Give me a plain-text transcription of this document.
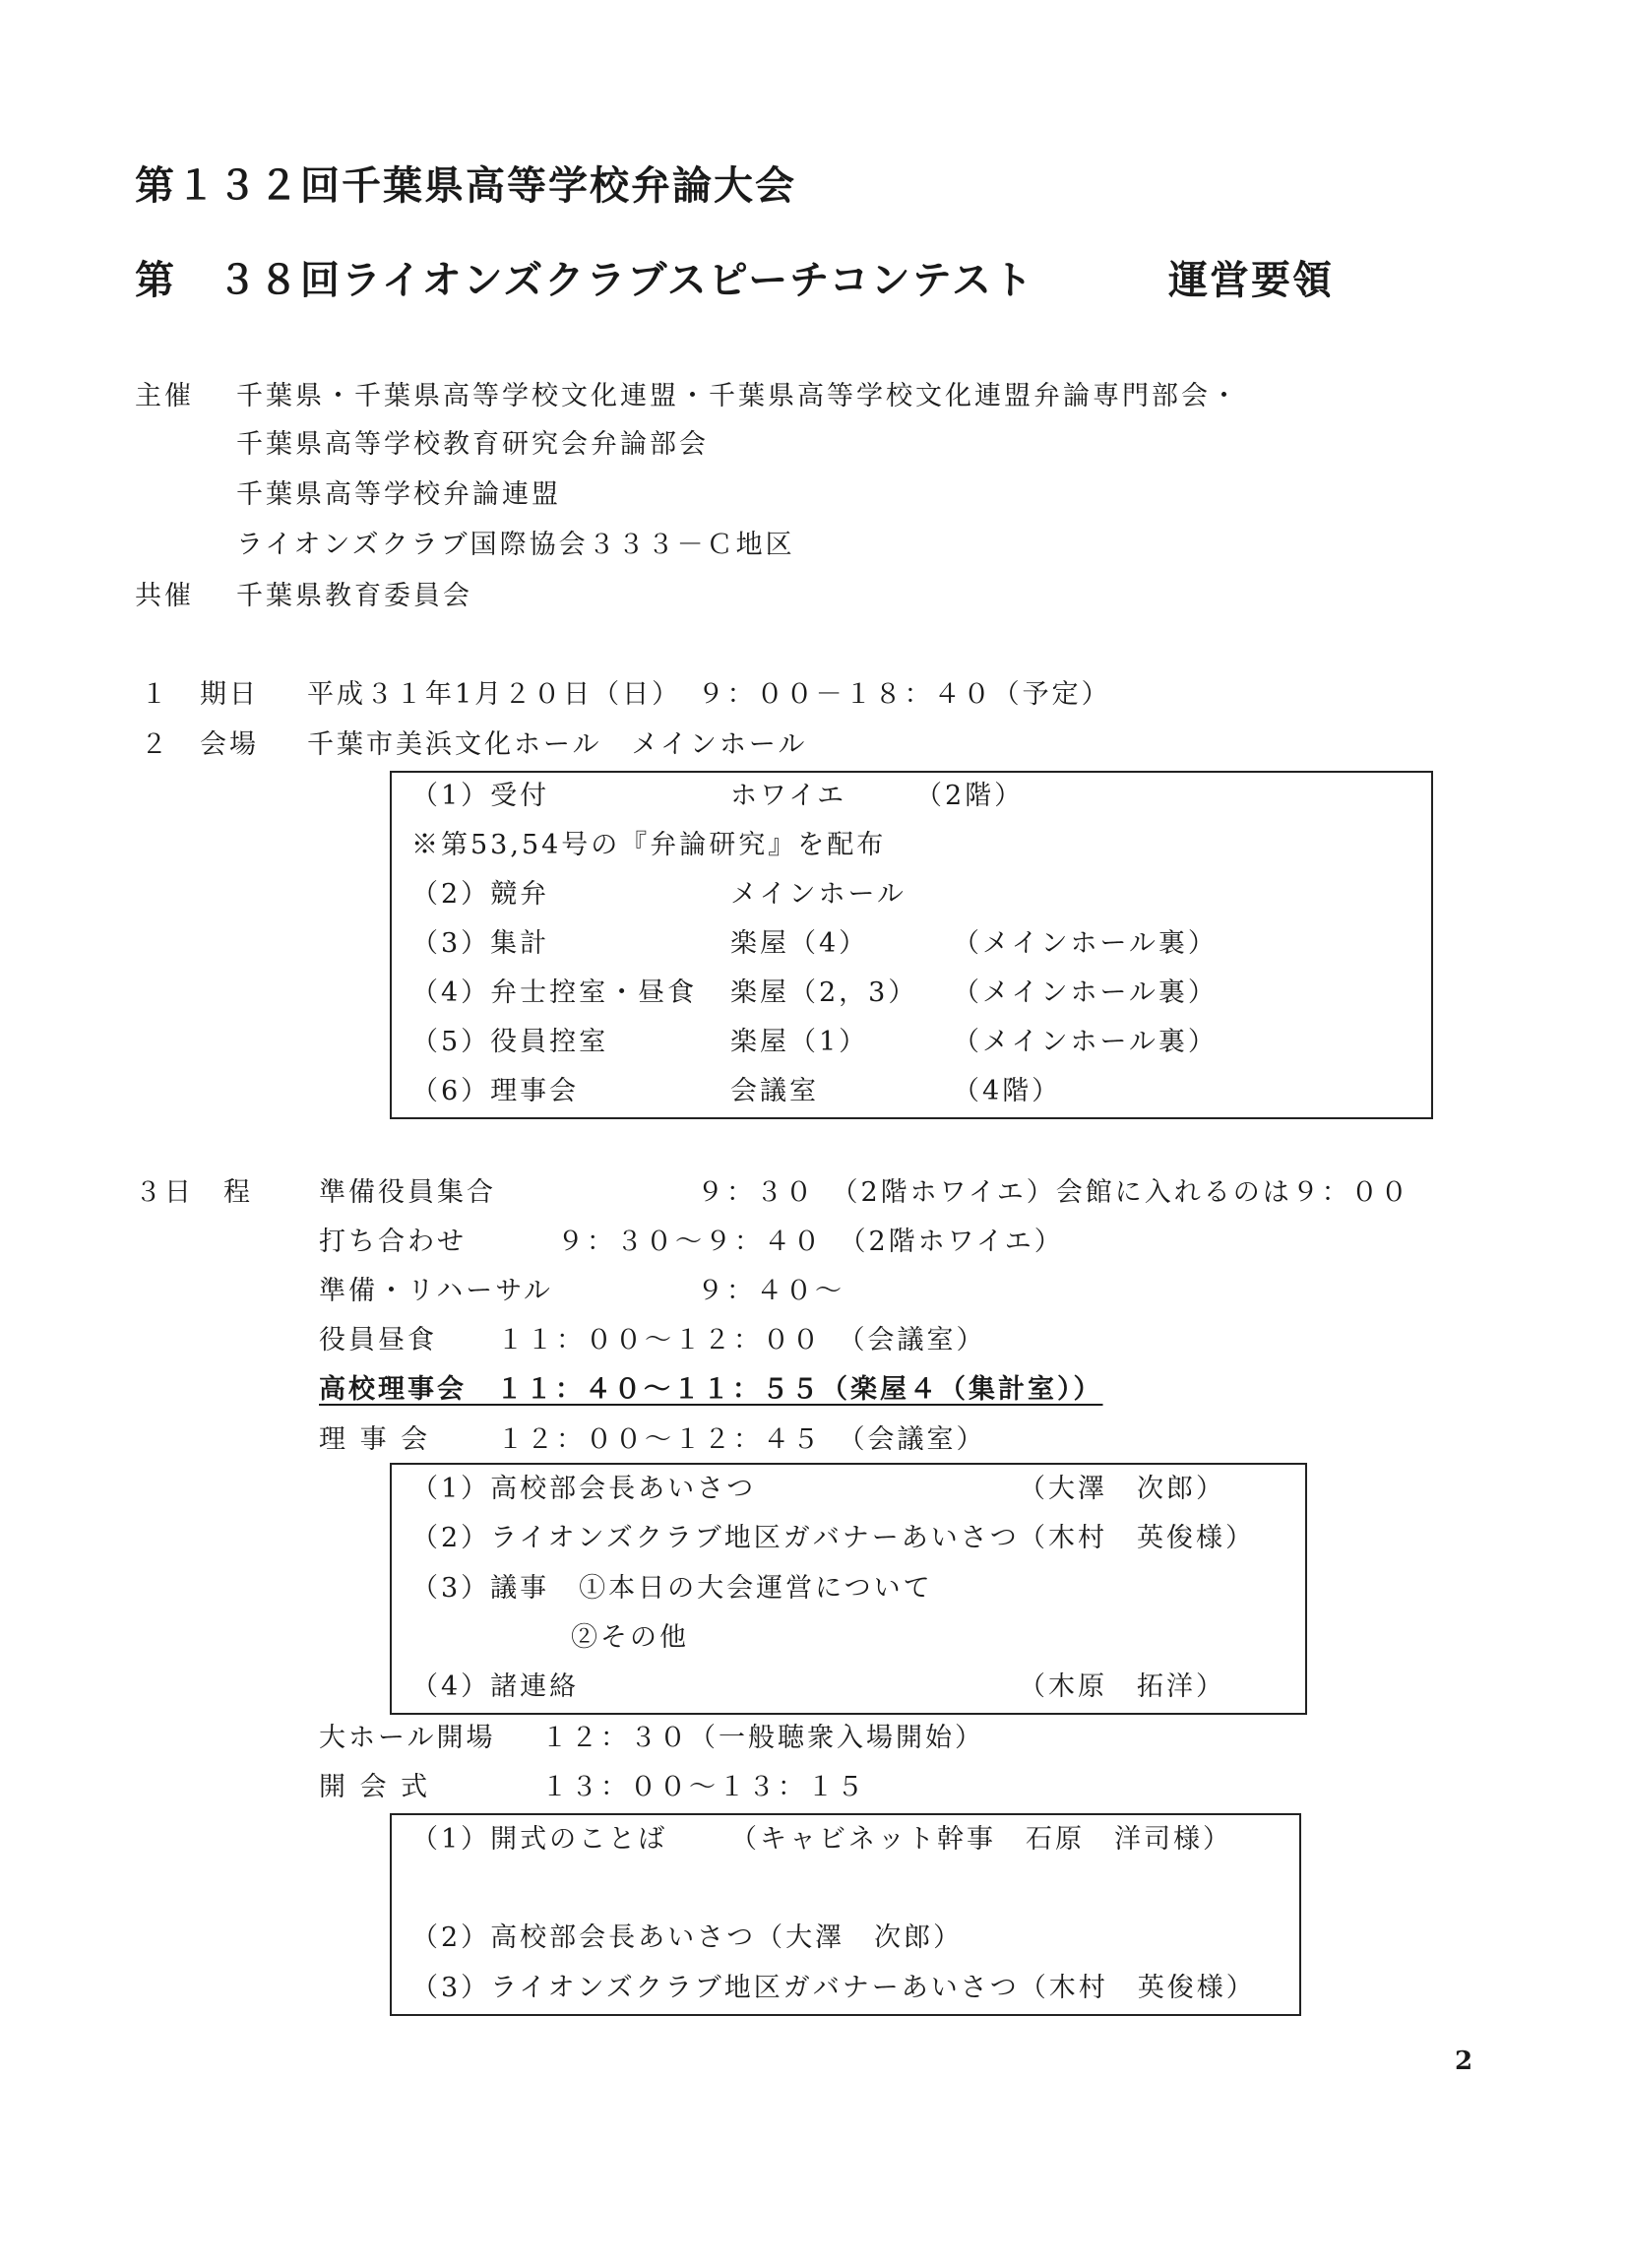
第１３２回千葉県高等学校弁論大会
第　３８回ライオンズクラブスピーチコンテスト	運営要領
主催 千葉県・千葉県高等学校文化連盟・千葉県高等学校文化連盟弁論専門部会・
千葉県高等学校教育研究会弁論部会
千葉県高等学校弁論連盟
ライオンズクラブ国際協会３３３－Ｃ地区
共催 千葉県教育委員会
１　期日 平成３１年1月２０日（日）　９：００－１８：４０（予定）
２　会場 千葉市美浜文化ホール　メインホール
（1）受付	ホワイエ	（2階）
※第53,54号の『弁論研究』を配布
（2）競弁	メインホール
（3）集計	楽屋（4）	（メインホール裏）
（4）弁士控室・昼食 楽屋（2，3） （メインホール裏）
（5）役員控室	楽屋（1）	（メインホール裏）
（6）理事会	会議室	（4階）
３日　程 準備役員集合	９：３０　（2階ホワイエ）会館に入れるのは９：００
打ち合わせ	９：３０～９：４０　（2階ホワイエ）
準備・リハーサル	９：４０～
役員昼食 １１：００～１２：００　（会議室）
高校理事会　１１：４０～１１：５５（楽屋４（集計室））
理 事 会	１２：００～１２：４５　（会議室）
（1）高校部会長あいさつ	（大澤　次郎）
（2）ライオンズクラブ地区ガバナーあいさつ （木村　英俊様）
（3）議事　①本日の大会運営について
②その他
（4）諸連絡	（木原　拓洋）
大ホール開場 １２：３０（一般聴衆入場開始）
開 会 式	１３：００～１３：１５
（1）開式のことば （キャビネット幹事　石原　洋司様）
（2）高校部会長あいさつ（大澤　次郎）
（3）ライオンズクラブ地区ガバナーあいさつ（木村　英俊様）
2
